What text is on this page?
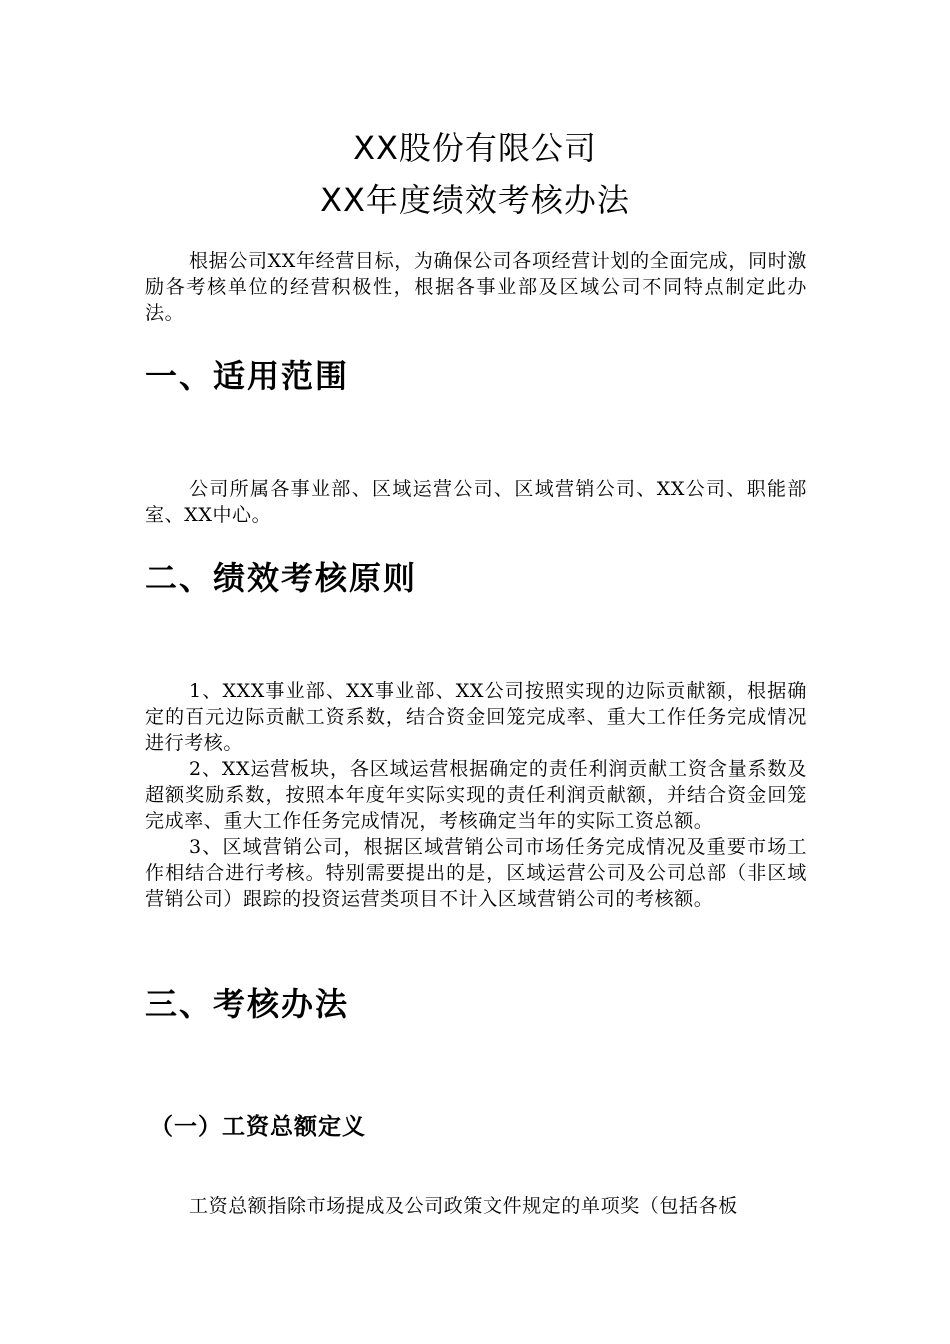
XX股份有限公司
XX年度绩效考核办法

根据公司XX年经营目标，为确保公司各项经营计划的全面完成，同时激励各考核单位的经营积极性，根据各事业部及区域公司不同特点制定此办法。

一、适用范围

公司所属各事业部、区域运营公司、区域营销公司、XX公司、职能部室、XX中心。

二、绩效考核原则

1、XXX事业部、XX事业部、XX公司按照实现的边际贡献额，根据确定的百元边际贡献工资系数，结合资金回笼完成率、重大工作任务完成情况进行考核。

2、XX运营板块，各区域运营根据确定的责任利润贡献工资含量系数及超额奖励系数，按照本年度年实际实现的责任利润贡献额，并结合资金回笼完成率、重大工作任务完成情况，考核确定当年的实际工资总额。

3、区域营销公司，根据区域营销公司市场任务完成情况及重要市场工作相结合进行考核。特别需要提出的是，区域运营公司及公司总部（非区域营销公司）跟踪的投资运营类项目不计入区域营销公司的考核额。

三、考核办法
（一）工资总额定义

工资总额指除市场提成及公司政策文件规定的单项奖（包括各板
